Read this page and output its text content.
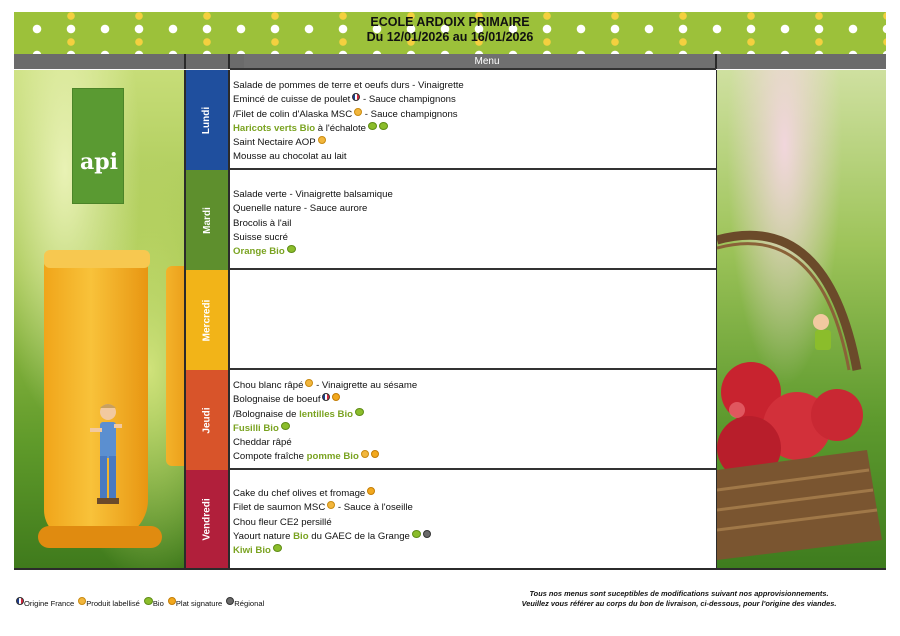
ECOLE ARDOIX PRIMAIRE
Du 12/01/2026 au 16/01/2026
Menu
api
Lundi
Mardi
Mercredi
Jeudi
Vendredi
Salade de pommes de terre et oeufs durs - Vinaigrette
Emincé de cuisse de poulet - Sauce champignons
/Filet de colin d'Alaska MSC - Sauce champignons
Haricots verts Bio à l'échalote
Saint Nectaire AOP
Mousse au chocolat au lait
Salade verte - Vinaigrette balsamique
Quenelle nature - Sauce aurore
Brocolis à l'ail
Suisse sucré
Orange Bio
Chou blanc râpé - Vinaigrette au sésame
Bolognaise de boeuf
/Bolognaise de lentilles Bio
Fusilli Bio
Cheddar râpé
Compote fraîche pomme Bio
Cake du chef olives et fromage
Filet de saumon MSC - Sauce à l'oseille
Chou fleur CE2 persillé
Yaourt nature Bio du GAEC de la Grange
Kiwi Bio
Origine France Produit labellisé Bio Plat signature Régional
Tous nos menus sont suceptibles de modifications suivant nos approvisionnements.
Veuillez vous référer au corps du bon de livraison, ci-dessous, pour l'origine des viandes.
